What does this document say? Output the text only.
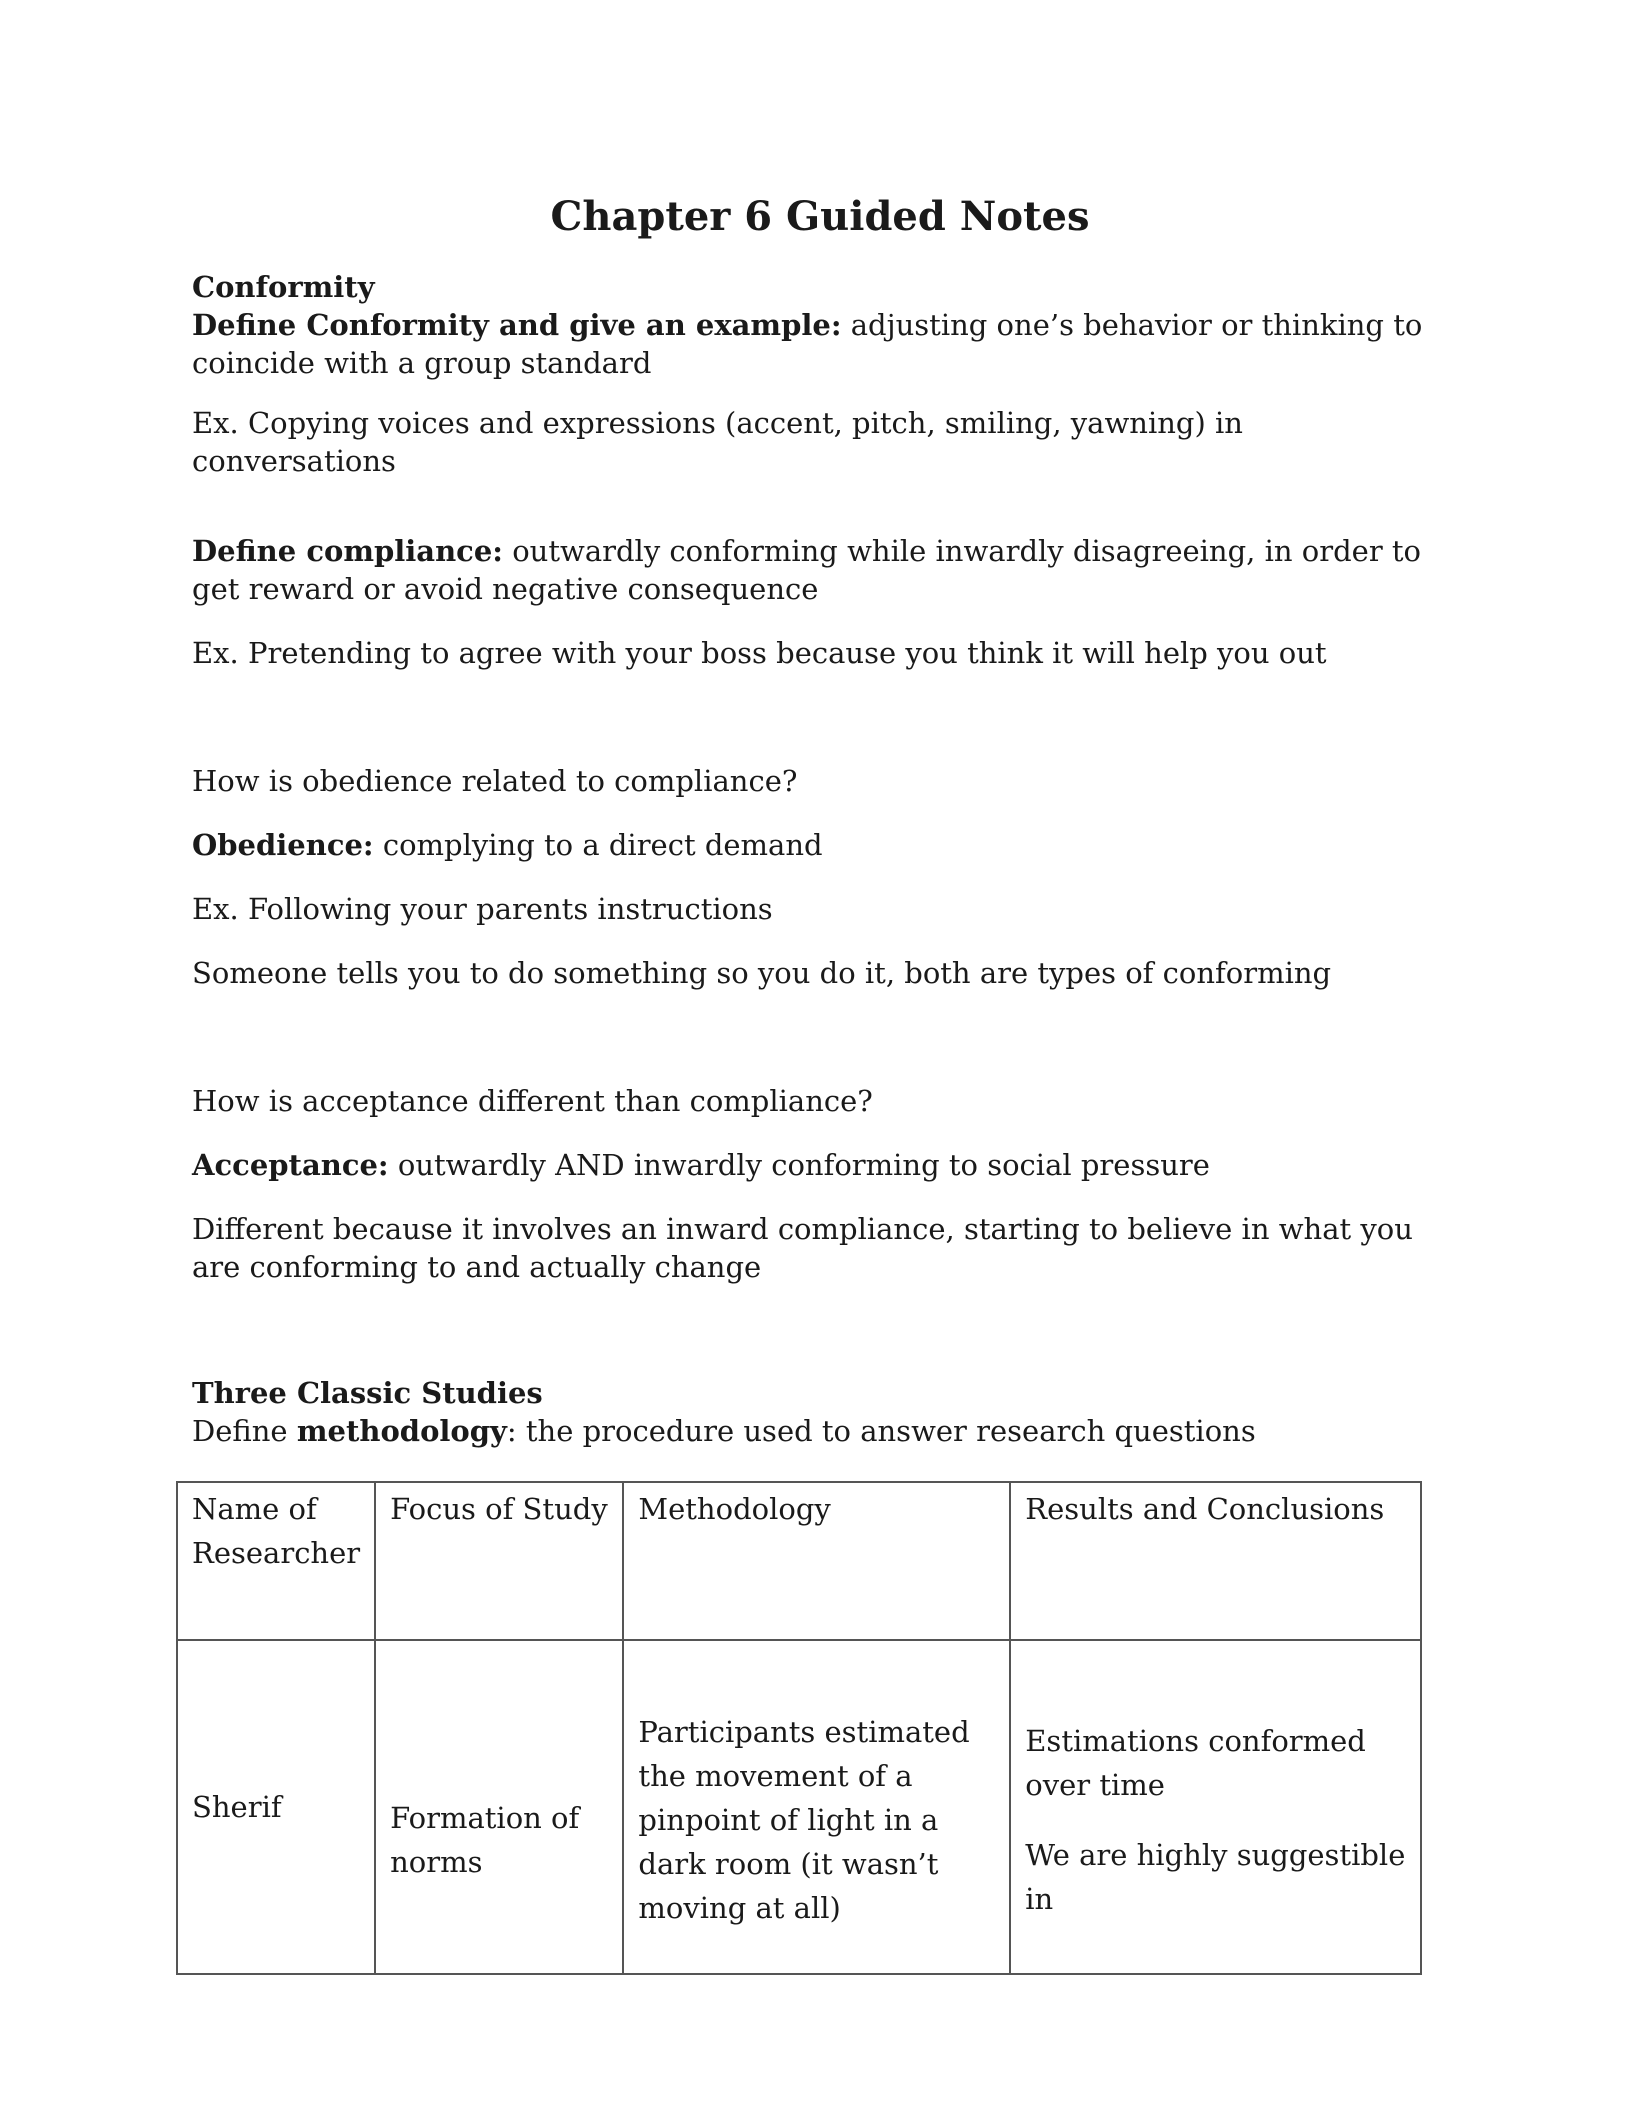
Chapter 6 Guided Notes
Conformity
Define Conformity and give an example: adjusting one’s behavior or thinking to coincide with a group standard
Ex. Copying voices and expressions (accent, pitch, smiling, yawning) in conversations
Define compliance: outwardly conforming while inwardly disagreeing, in order to get reward or avoid negative consequence
Ex. Pretending to agree with your boss because you think it will help you out
How is obedience related to compliance?
Obedience: complying to a direct demand
Ex. Following your parents instructions
Someone tells you to do something so you do it, both are types of conforming
How is acceptance different than compliance?
Acceptance: outwardly AND inwardly conforming to social pressure
Different because it involves an inward compliance, starting to believe in what you are conforming to and actually change
Three Classic Studies
Define methodology: the procedure used to answer research questions
Name of Researcher	Focus of Study	Methodology	Results and Conclusions
Sherif	Formation of norms	Participants estimated the movement of a pinpoint of light in a dark room (it wasn’t moving at all)	Estimations conformed over time

We are highly suggestible in
